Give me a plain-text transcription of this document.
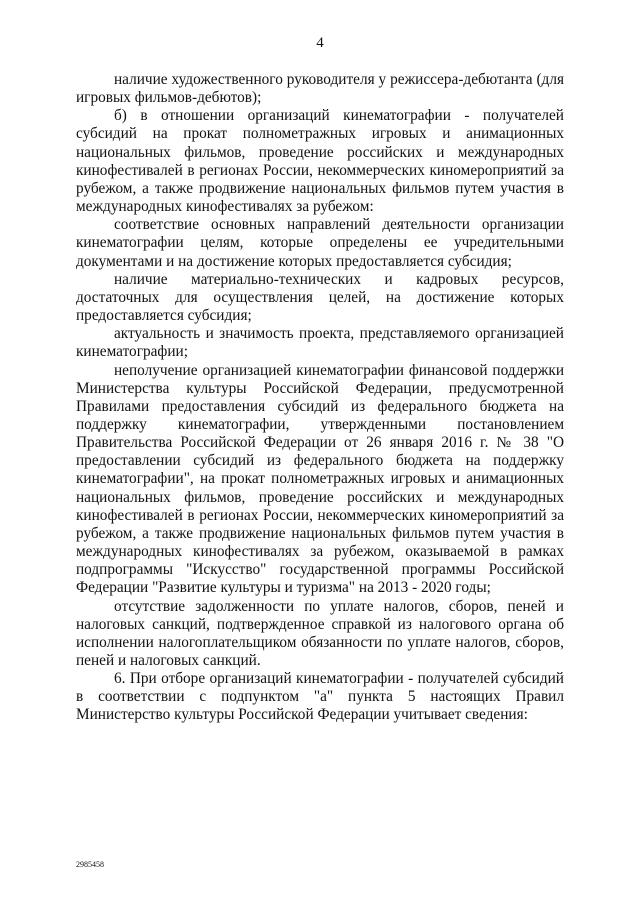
4

наличие художественного руководителя у режиссера-дебютанта (для игровых фильмов-дебютов);

б) в отношении организаций кинематографии - получателей субсидий на прокат полнометражных игровых и анимационных национальных фильмов, проведение российских и международных кинофестивалей в регионах России, некоммерческих киномероприятий за рубежом, а также продвижение национальных фильмов путем участия в международных кинофестивалях за рубежом:

соответствие основных направлений деятельности организации кинематографии целям, которые определены ее учредительными документами и на достижение которых предоставляется субсидия;

наличие материально-технических и кадровых ресурсов, достаточных для осуществления целей, на достижение которых предоставляется субсидия;

актуальность и значимость проекта, представляемого организацией кинематографии;

неполучение организацией кинематографии финансовой поддержки Министерства культуры Российской Федерации, предусмотренной Правилами предоставления субсидий из федерального бюджета на поддержку кинематографии, утвержденными постановлением Правительства Российской Федерации от 26 января 2016 г. № 38 "О предоставлении субсидий из федерального бюджета на поддержку кинематографии", на прокат полнометражных игровых и анимационных национальных фильмов, проведение российских и международных кинофестивалей в регионах России, некоммерческих киномероприятий за рубежом, а также продвижение национальных фильмов путем участия в международных кинофестивалях за рубежом, оказываемой в рамках подпрограммы "Искусство" государственной программы Российской Федерации "Развитие культуры и туризма" на 2013 - 2020 годы;

отсутствие задолженности по уплате налогов, сборов, пеней и налоговых санкций, подтвержденное справкой из налогового органа об исполнении налогоплательщиком обязанности по уплате налогов, сборов, пеней и налоговых санкций.

6. При отборе организаций кинематографии - получателей субсидий в соответствии с подпунктом "а" пункта 5 настоящих Правил Министерство культуры Российской Федерации учитывает сведения:

2985458
